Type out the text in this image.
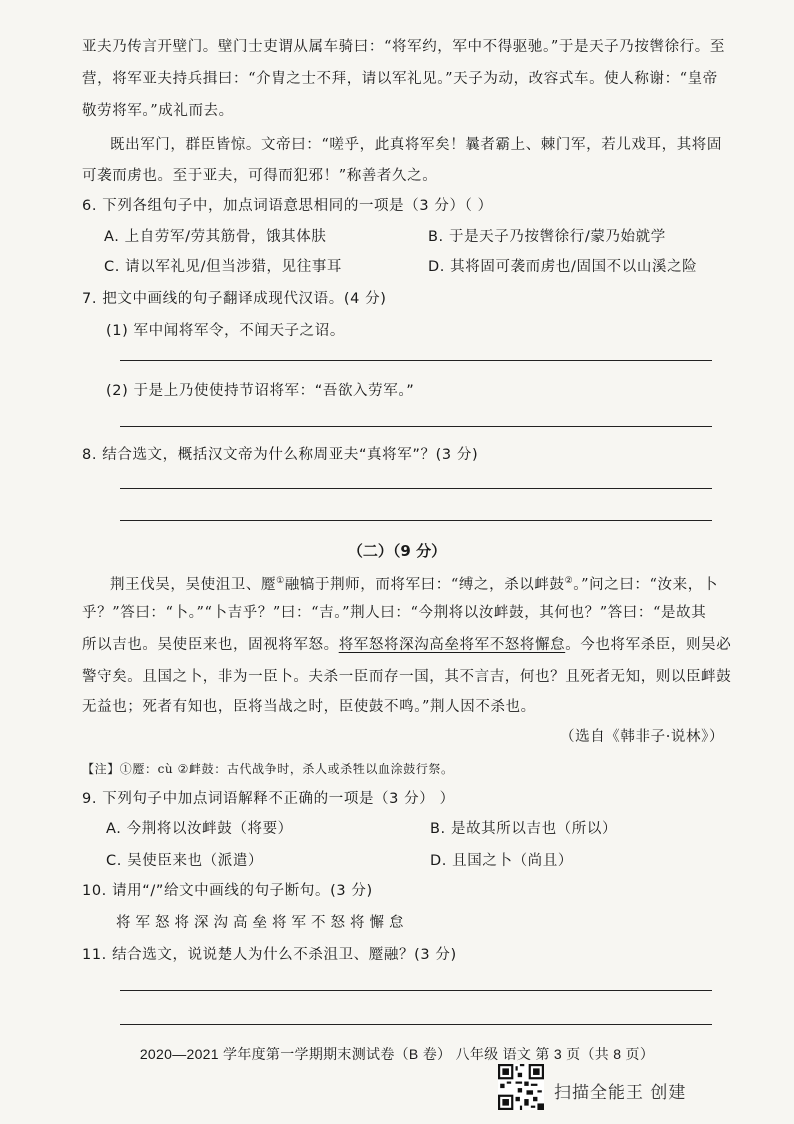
亚夫乃传言开壁门。壁门士吏谓从属车骑曰：“将军约，军中不得驱驰。”于是天子乃按辔徐行。至
营，将军亚夫持兵揖曰：“介胄之士不拜，请以军礼见。”天子为动，改容式车。使人称谢：“皇帝
敬劳将军。”成礼而去。
既出军门，群臣皆惊。文帝曰：“嗟乎，此真将军矣！曩者霸上、棘门军，若儿戏耳，其将固
可袭而虏也。至于亚夫，可得而犯邪！”称善者久之。
6. 下列各组句子中，加点词语意思相同的一项是（3 分）（ ）
A. 上自劳军/劳其筋骨，饿其体肤	B. 于是天子乃按辔徐行/蒙乃始就学
C. 请以军礼见/但当涉猎，见往事耳	D. 其将固可袭而虏也/固国不以山溪之险
7. 把文中画线的句子翻译成现代汉语。(4 分)
(1) 军中闻将军令，不闻天子之诏。
(2) 于是上乃使使持节诏将军：“吾欲入劳军。”
8. 结合选文，概括汉文帝为什么称周亚夫“真将军”？(3 分)
（二）（9 分）
荆王伐吴，吴使沮卫、蹷①融犒于荆师，而将军曰：“缚之，杀以衅鼓②。”问之曰：“汝来，卜
乎？”答曰：“卜。”“卜吉乎？”曰：“吉。”荆人曰：“今荆将以汝衅鼓，其何也？”答曰：“是故其
所以吉也。吴使臣来也，固视将军怒。将军怒将深沟高垒将军不怒将懈怠。今也将军杀臣，则吴必
警守矣。且国之卜，非为一臣卜。夫杀一臣而存一国，其不言吉，何也？且死者无知，则以臣衅鼓
无益也；死者有知也，臣将当战之时，臣使鼓不鸣。”荆人因不杀也。
（选自《韩非子·说林》）
【注】①蹷：cù ②衅鼓：古代战争时，杀人或杀牲以血涂鼓行祭。
9. 下列句子中加点词语解释不正确的一项是（3 分） ）
A. 今荆将以汝衅鼓（将要）	B. 是故其所以吉也（所以）
C. 吴使臣来也（派遣）	D. 且国之卜（尚且）
10. 请用“/”给文中画线的句子断句。(3 分)
将军怒将深沟高垒将军不怒将懈怠
11. 结合选文，说说楚人为什么不杀沮卫、蹷融？(3 分)
2020—2021 学年度第一学期期末测试卷（B 卷） 八年级 语文 第 3 页（共 8 页）
扫描全能王 创建
